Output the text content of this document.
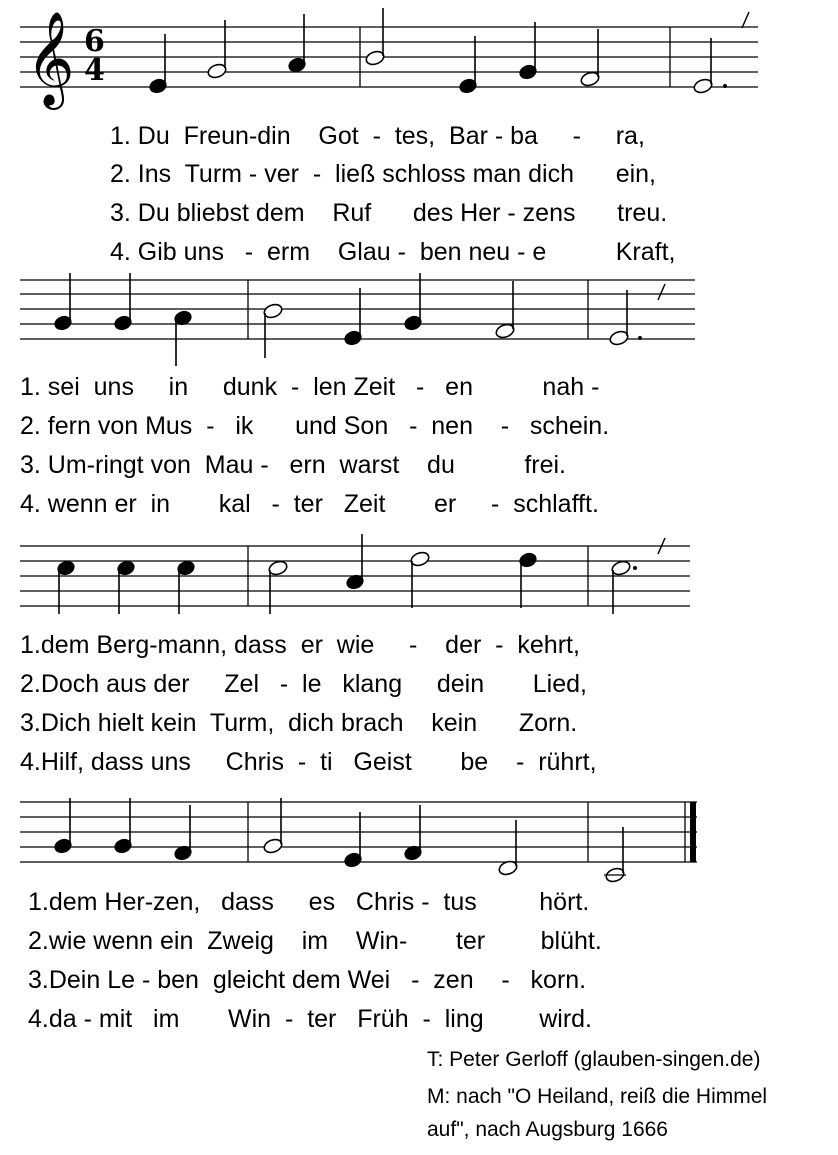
𝄞 6
4
1. Du  Freun-din    Got  -  tes,  Bar - ba     -     ra,
2. Ins  Turm - ver  -  ließ schloss man dich      ein,
3. Du bliebst dem    Ruf      des Her - zens      treu.
4. Gib uns   -  erm    Glau -  ben neu - e          Kraft,
1. sei  uns     in     dunk  -  len Zeit   -   en          nah -
2. fern von Mus  -   ik      und Son   -  nen    -   schein.
3. Um-ringt von  Mau -   ern  warst    du          frei.
4. wenn er  in       kal   -  ter   Zeit       er     -  schlafft.
1.dem Berg-mann, dass  er  wie     -    der  -  kehrt,
2.Doch aus der     Zel   -  le   klang     dein       Lied,
3.Dich hielt kein  Turm,  dich brach    kein      Zorn.
4.Hilf, dass uns     Chris  -  ti   Geist       be    -  rührt,
1.dem Her-zen,   dass     es   Chris -  tus         hört.
2.wie wenn ein  Zweig    im    Win-       ter        blüht.
3.Dein Le - ben  gleicht dem Wei   -  zen    -   korn.
4.da - mit   im       Win  -  ter   Früh  -  ling        wird.
T: Peter Gerloff (glauben-singen.de)
M: nach "O Heiland, reiß die Himmel
auf", nach Augsburg 1666
